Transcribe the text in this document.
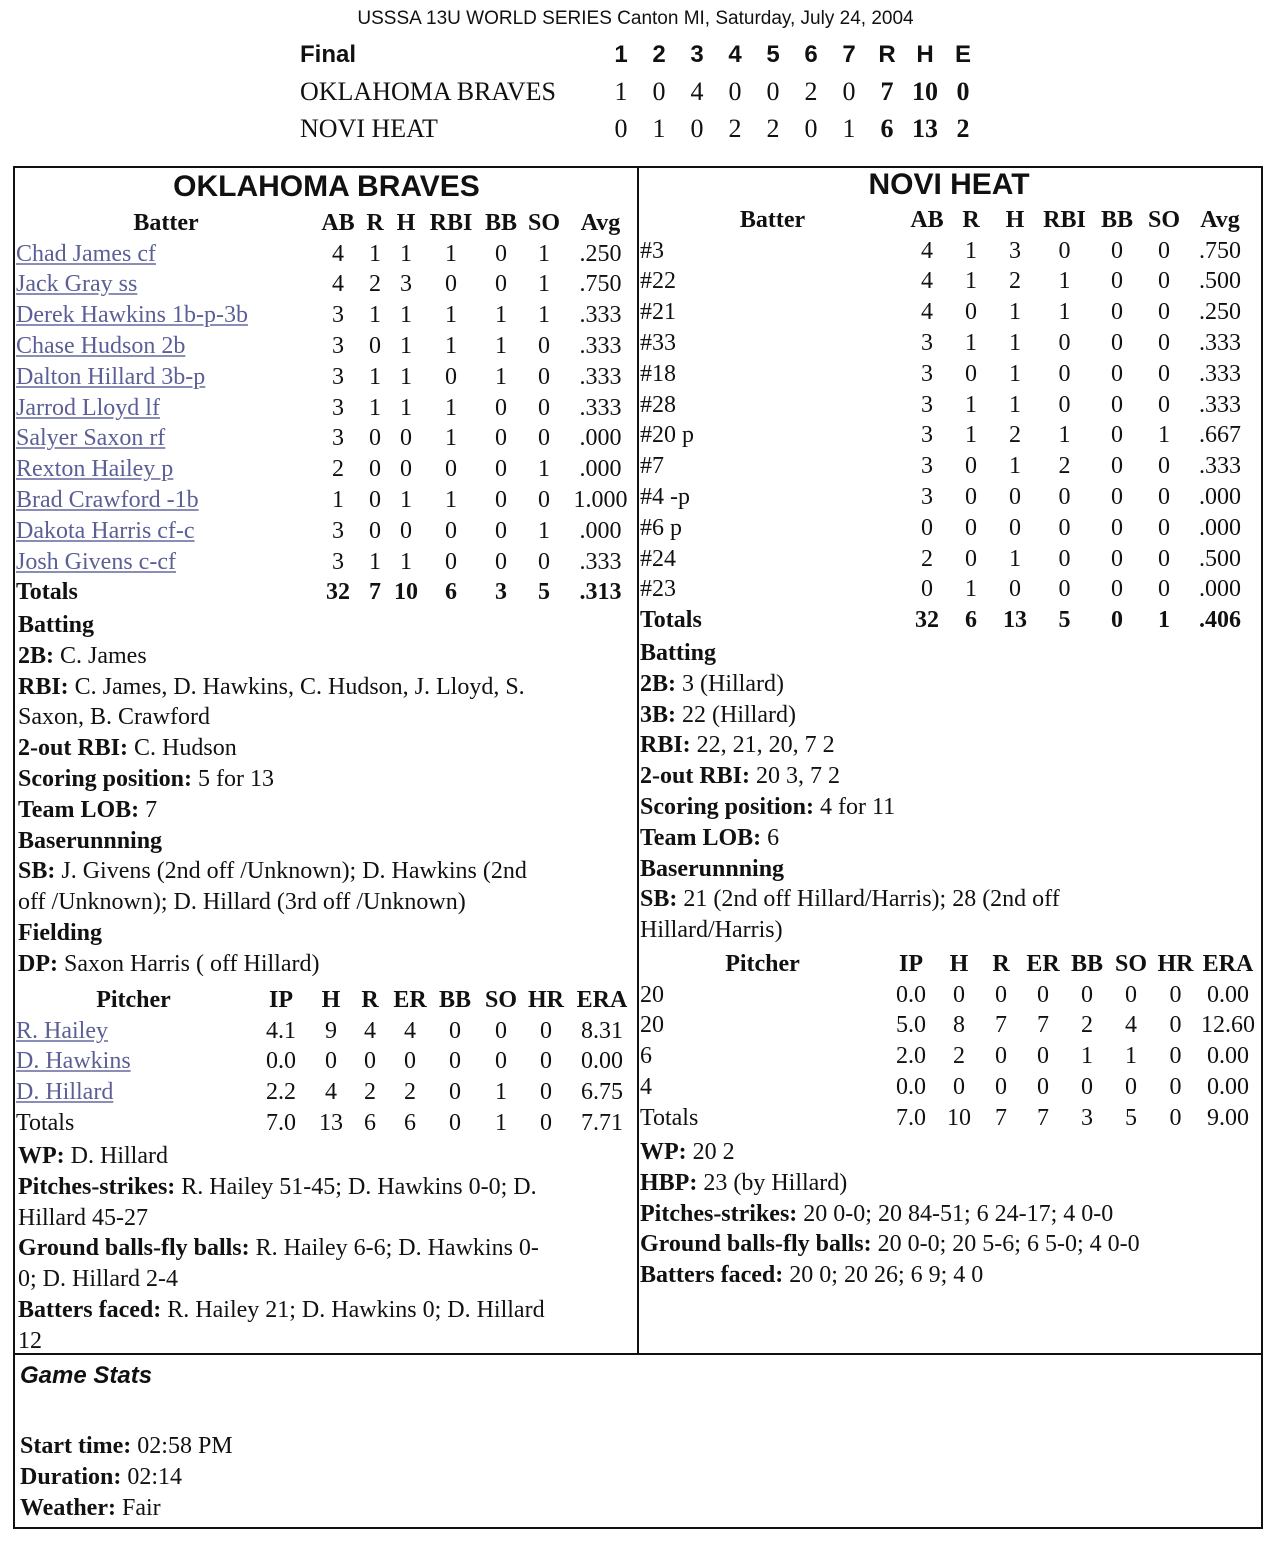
USSSA 13U WORLD SERIES Canton MI, Saturday, July 24, 2004
Final	1	2	3	4	5	6	7	R	H	E
OKLAHOMA BRAVES	1	0	4	0	0	2	0	7	10	0
NOVI HEAT	0	1	0	2	2	0	1	6	13	2
OKLAHOMA BRAVES
Batter	AB	R	H	RBI	BB	SO	Avg
Chad James cf	4	1	1	1	0	1	.250
Jack Gray ss	4	2	3	0	0	1	.750
Derek Hawkins 1b-p-3b	3	1	1	1	1	1	.333
Chase Hudson 2b	3	0	1	1	1	0	.333
Dalton Hillard 3b-p	3	1	1	0	1	0	.333
Jarrod Lloyd lf	3	1	1	1	0	0	.333
Salyer Saxon rf	3	0	0	1	0	0	.000
Rexton Hailey p	2	0	0	0	0	1	.000
Brad Crawford -1b	1	0	1	1	0	0	1.000
Dakota Harris cf-c	3	0	0	0	0	1	.000
Josh Givens c-cf	3	1	1	0	0	0	.333
Totals	32	7	10	6	3	5	.313
Batting
2B: C. James
RBI: C. James, D. Hawkins, C. Hudson, J. Lloyd, S.
Saxon, B. Crawford
2-out RBI: C. Hudson
Scoring position: 5 for 13
Team LOB: 7
Baserunnning
SB: J. Givens (2nd off /Unknown); D. Hawkins (2nd
off /Unknown); D. Hillard (3rd off /Unknown)
Fielding
DP: Saxon Harris ( off Hillard)
Pitcher	IP	H	R	ER	BB	SO	HR	ERA
R. Hailey	4.1	9	4	4	0	0	0	8.31
D. Hawkins	0.0	0	0	0	0	0	0	0.00
D. Hillard	2.2	4	2	2	0	1	0	6.75
Totals	7.0	13	6	6	0	1	0	7.71
WP: D. Hillard
Pitches-strikes: R. Hailey 51-45; D. Hawkins 0-0; D.
Hillard 45-27
Ground balls-fly balls: R. Hailey 6-6; D. Hawkins 0-
0; D. Hillard 2-4
Batters faced: R. Hailey 21; D. Hawkins 0; D. Hillard
12
NOVI HEAT
Batter	AB	R	H	RBI	BB	SO	Avg
#3	4	1	3	0	0	0	.750
#22	4	1	2	1	0	0	.500
#21	4	0	1	1	0	0	.250
#33	3	1	1	0	0	0	.333
#18	3	0	1	0	0	0	.333
#28	3	1	1	0	0	0	.333
#20 p	3	1	2	1	0	1	.667
#7	3	0	1	2	0	0	.333
#4 -p	3	0	0	0	0	0	.000
#6 p	0	0	0	0	0	0	.000
#24	2	0	1	0	0	0	.500
#23	0	1	0	0	0	0	.000
Totals	32	6	13	5	0	1	.406
Batting
2B: 3 (Hillard)
3B: 22 (Hillard)
RBI: 22, 21, 20, 7 2
2-out RBI: 20 3, 7 2
Scoring position: 4 for 11
Team LOB: 6
Baserunnning
SB: 21 (2nd off Hillard/Harris); 28 (2nd off
Hillard/Harris)
Pitcher	IP	H	R	ER	BB	SO	HR	ERA
20	0.0	0	0	0	0	0	0	0.00
20	5.0	8	7	7	2	4	0	12.60
6	2.0	2	0	0	1	1	0	0.00
4	0.0	0	0	0	0	0	0	0.00
Totals	7.0	10	7	7	3	5	0	9.00
WP: 20 2
HBP: 23 (by Hillard)
Pitches-strikes: 20 0-0; 20 84-51; 6 24-17; 4 0-0
Ground balls-fly balls: 20 0-0; 20 5-6; 6 5-0; 4 0-0
Batters faced: 20 0; 20 26; 6 9; 4 0
Game Stats
Start time: 02:58 PM
Duration: 02:14
Weather: Fair
